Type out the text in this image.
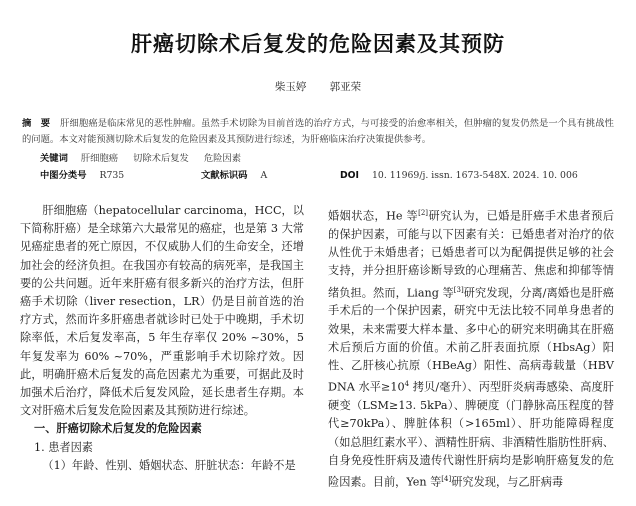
肝癌切除术后复发的危险因素及其预防
柴玉婷 郭亚荣
摘　要 肝细胞癌是临床常见的恶性肿瘤。虽然手术切除为目前首选的治疗方式，与可接受的治愈率相关，但肿瘤的复发仍然是一个具有挑战性的问题。本文对能预测切除术后复发的危险因素及其预防进行综述，为肝癌临床治疗决策提供参考。
关键词 肝细胞癌 切除术后复发 危险因素
中图分类号 R735	文献标识码 A	DOI 10. 11969/j. issn. 1673-548X. 2024. 10. 006

肝细胞癌（hepatocellular carcinoma，HCC，以下简称肝癌）是全球第六大最常见的癌症，也是第 3 大常见癌症患者的死亡原因，不仅威胁人们的生命安全，还增加社会的经济负担。在我国亦有较高的病死率，是我国主要的公共问题。近年来肝癌有很多新兴的治疗方法，但肝癌手术切除（liver resection，LR）仍是目前首选的治疗方式，然而许多肝癌患者就诊时已处于中晚期，手术切除率低，术后复发率高，5 年生存率仅 20% ~30%，5 年复发率为 60% ~70%，严重影响手术切除疗效。因此，明确肝癌术后复发的高危因素尤为重要，可据此及时加强术后治疗，降低术后复发风险，延长患者生存期。本文对肝癌术后复发危险因素及其预防进行综述。

一、肝癌切除术后复发的危险因素

1. 患者因素

（1）年龄、性别、婚姻状态、肝脏状态：年龄不是

婚姻状态，He 等[2]研究认为，已婚是肝癌手术患者预后的保护因素，可能与以下因素有关：已婚患者对治疗的依从性优于未婚患者；已婚患者可以为配偶提供足够的社会支持，并分担肝癌诊断导致的心理痛苦、焦虑和抑郁等情绪负担。然而，Liang 等[3]研究发现，分离/离婚也是肝癌手术后的一个保护因素，研究中无法比较不同单身患者的效果，未来需要大样本量、多中心的研究来明确其在肝癌术后预后方面的价值。术前乙肝表面抗原（HbsAg）阳性、乙肝核心抗原（HBeAg）阳性、高病毒载量（HBV DNA 水平$\ge 10^4$ 拷贝/毫升）、丙型肝炎病毒感染、高度肝硬变（LSM≥13. 5kPa）、脾硬度（门静脉高压程度的替代≥70kPa）、脾脏体积（>165ml）、肝功能障碍程度（如总胆红素水平）、酒精性肝病、非酒精性脂肪性肝病、自身免疫性肝病及遗传代谢性肝病均是影响肝癌复发的危险因素。目前，Yen 等[4]研究发现，与乙肝病毒
